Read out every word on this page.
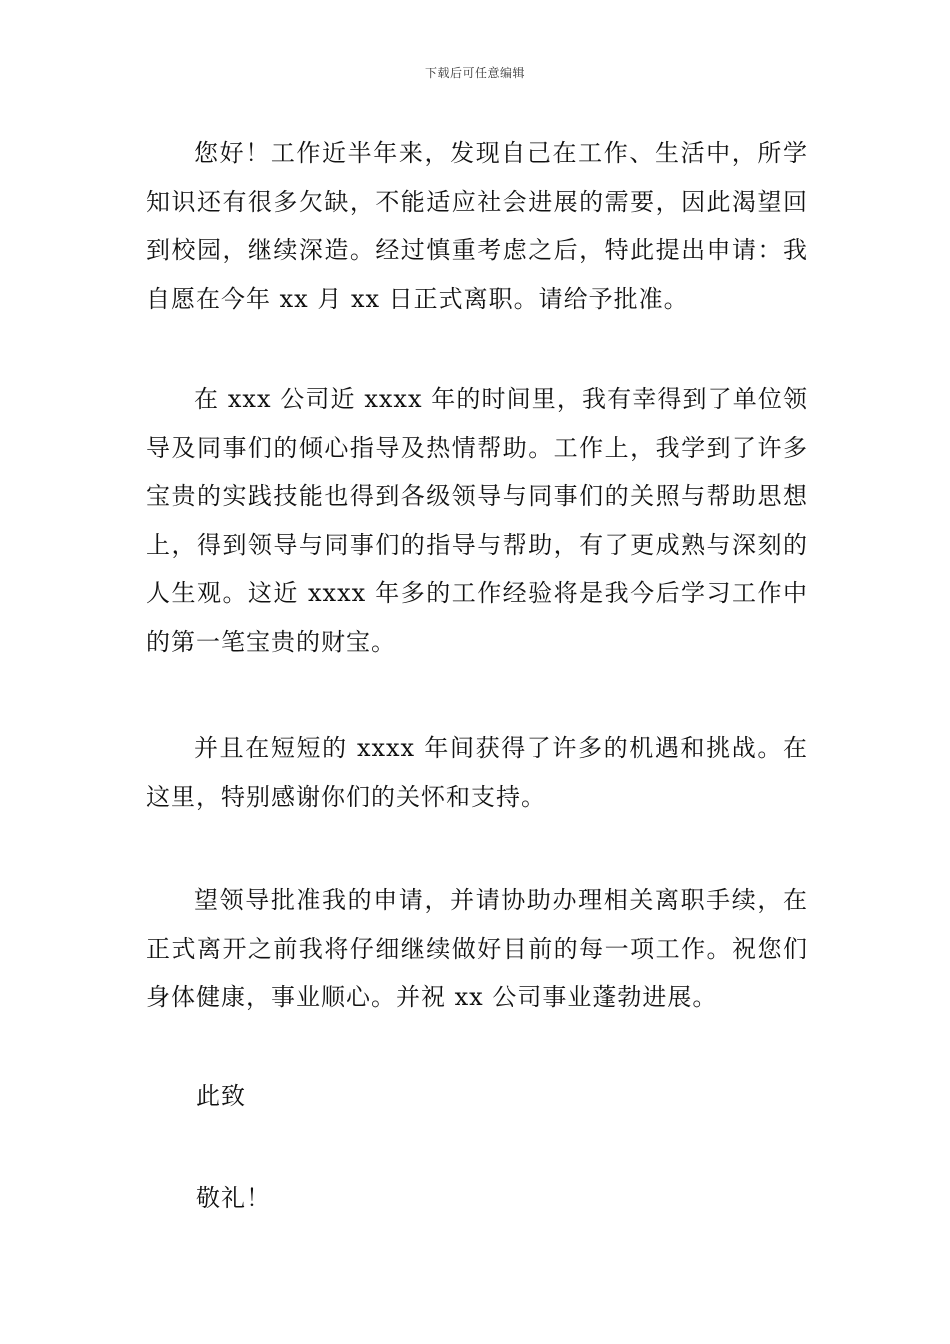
下载后可任意编辑

您好！工作近半年来，发现自己在工作、生活中，所学知识还有很多欠缺，不能适应社会进展的需要，因此渴望回到校园，继续深造。经过慎重考虑之后，特此提出申请：我自愿在今年 xx 月 xx 日正式离职。请给予批准。

在 xxx 公司近 xxxx 年的时间里，我有幸得到了单位领导及同事们的倾心指导及热情帮助。工作上，我学到了许多宝贵的实践技能也得到各级领导与同事们的关照与帮助思想上，得到领导与同事们的指导与帮助，有了更成熟与深刻的人生观。这近 xxxx 年多的工作经验将是我今后学习工作中的第一笔宝贵的财宝。

并且在短短的 xxxx 年间获得了许多的机遇和挑战。在这里，特别感谢你们的关怀和支持。

望领导批准我的申请，并请协助办理相关离职手续，在正式离开之前我将仔细继续做好目前的每一项工作。祝您们身体健康，事业顺心。并祝 xx 公司事业蓬勃进展。

此致

敬礼！
